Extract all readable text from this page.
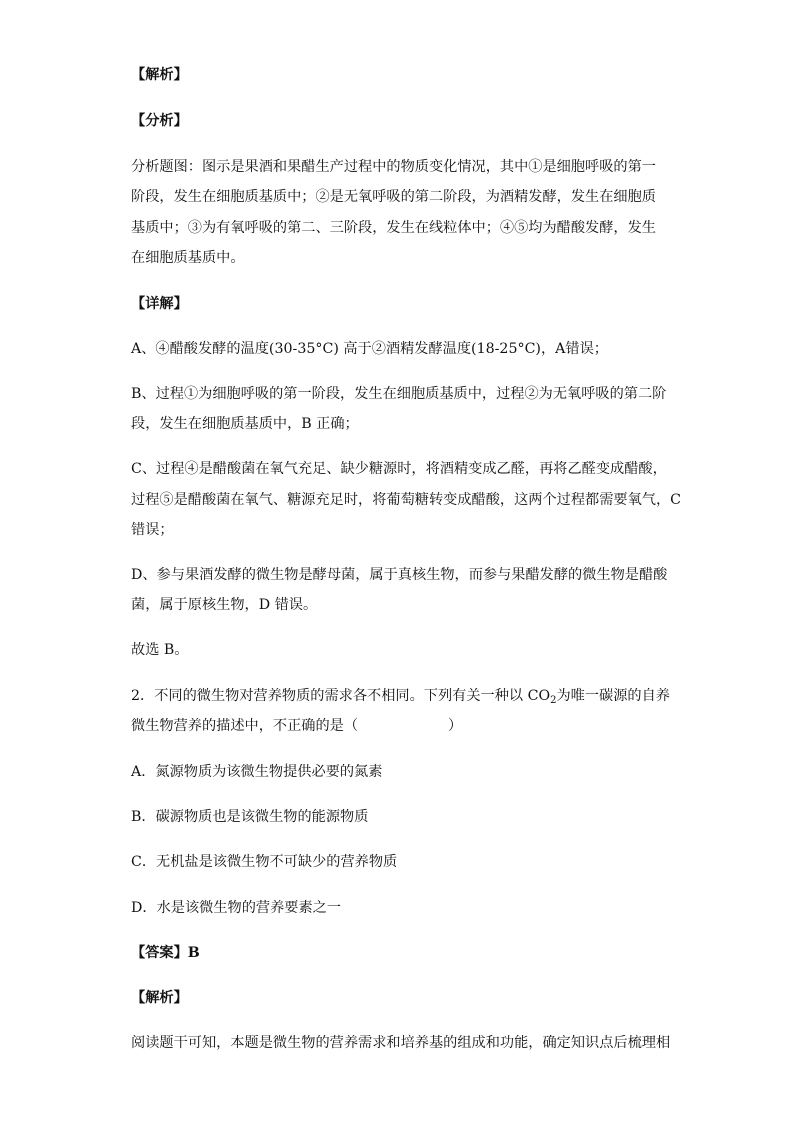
【解析】

【分析】

分析题图：图示是果酒和果醋生产过程中的物质变化情况，其中①是细胞呼吸的第一

阶段，发生在细胞质基质中；②是无氧呼吸的第二阶段，为酒精发酵，发生在细胞质

基质中；③为有氧呼吸的第二、三阶段，发生在线粒体中；④⑤均为醋酸发酵，发生

在细胞质基质中。

【详解】

A、④醋酸发酵的温度(30-35°C) 高于②酒精发酵温度(18-25°C)，A错误；

B、过程①为细胞呼吸的第一阶段，发生在细胞质基质中，过程②为无氧呼吸的第二阶

段，发生在细胞质基质中，B 正确；

C、过程④是醋酸菌在氧气充足、缺少糖源时，将酒精变成乙醛，再将乙醛变成醋酸，

过程⑤是醋酸菌在氧气、糖源充足时，将葡萄糖转变成醋酸，这两个过程都需要氧气，C

错误；

D、参与果酒发酵的微生物是酵母菌，属于真核生物，而参与果醋发酵的微生物是醋酸

菌，属于原核生物，D 错误。

故选 B。

2．不同的微生物对营养物质的需求各不相同。下列有关一种以 $CO_2$为唯一碳源的自养

微生物营养的描述中，不正确的是（	）

A．氮源物质为该微生物提供必要的氮素

B．碳源物质也是该微生物的能源物质

C．无机盐是该微生物不可缺少的营养物质

D．水是该微生物的营养要素之一

【答案】B

【解析】

阅读题干可知，本题是微生物的营养需求和培养基的组成和功能，确定知识点后梳理相
